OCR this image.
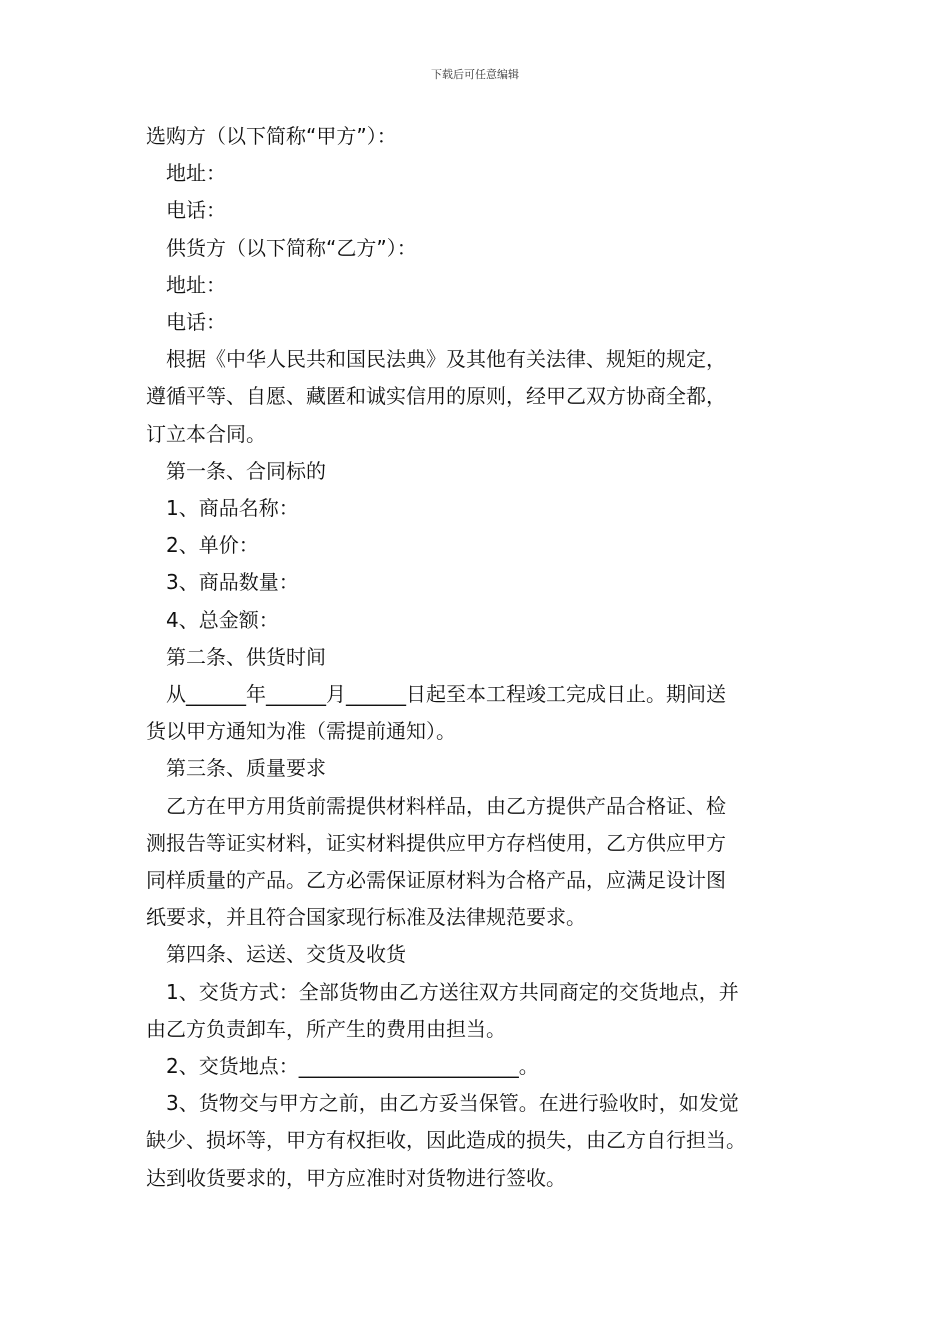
下载后可任意编辑
选购方（以下简称“甲方”）：
地址：
电话：
供货方（以下简称“乙方”）：
地址：
电话：
根据《中华人民共和国民法典》及其他有关法律、规矩的规定，
遵循平等、自愿、藏匿和诚实信用的原则，经甲乙双方协商全都，
订立本合同。
第一条、合同标的
1、商品名称：
2、单价：
3、商品数量：
4、总金额：
第二条、供货时间
从______年______月______日起至本工程竣工完成日止。期间送
货以甲方通知为准（需提前通知）。
第三条、质量要求
乙方在甲方用货前需提供材料样品，由乙方提供产品合格证、检
测报告等证实材料，证实材料提供应甲方存档使用，乙方供应甲方
同样质量的产品。乙方必需保证原材料为合格产品，应满足设计图
纸要求，并且符合国家现行标准及法律规范要求。
第四条、运送、交货及收货
1、交货方式：全部货物由乙方送往双方共同商定的交货地点，并
由乙方负责卸车，所产生的费用由担当。
2、交货地点：______________________。
3、货物交与甲方之前，由乙方妥当保管。在进行验收时，如发觉
缺少、损坏等，甲方有权拒收，因此造成的损失，由乙方自行担当。
达到收货要求的，甲方应准时对货物进行签收。
